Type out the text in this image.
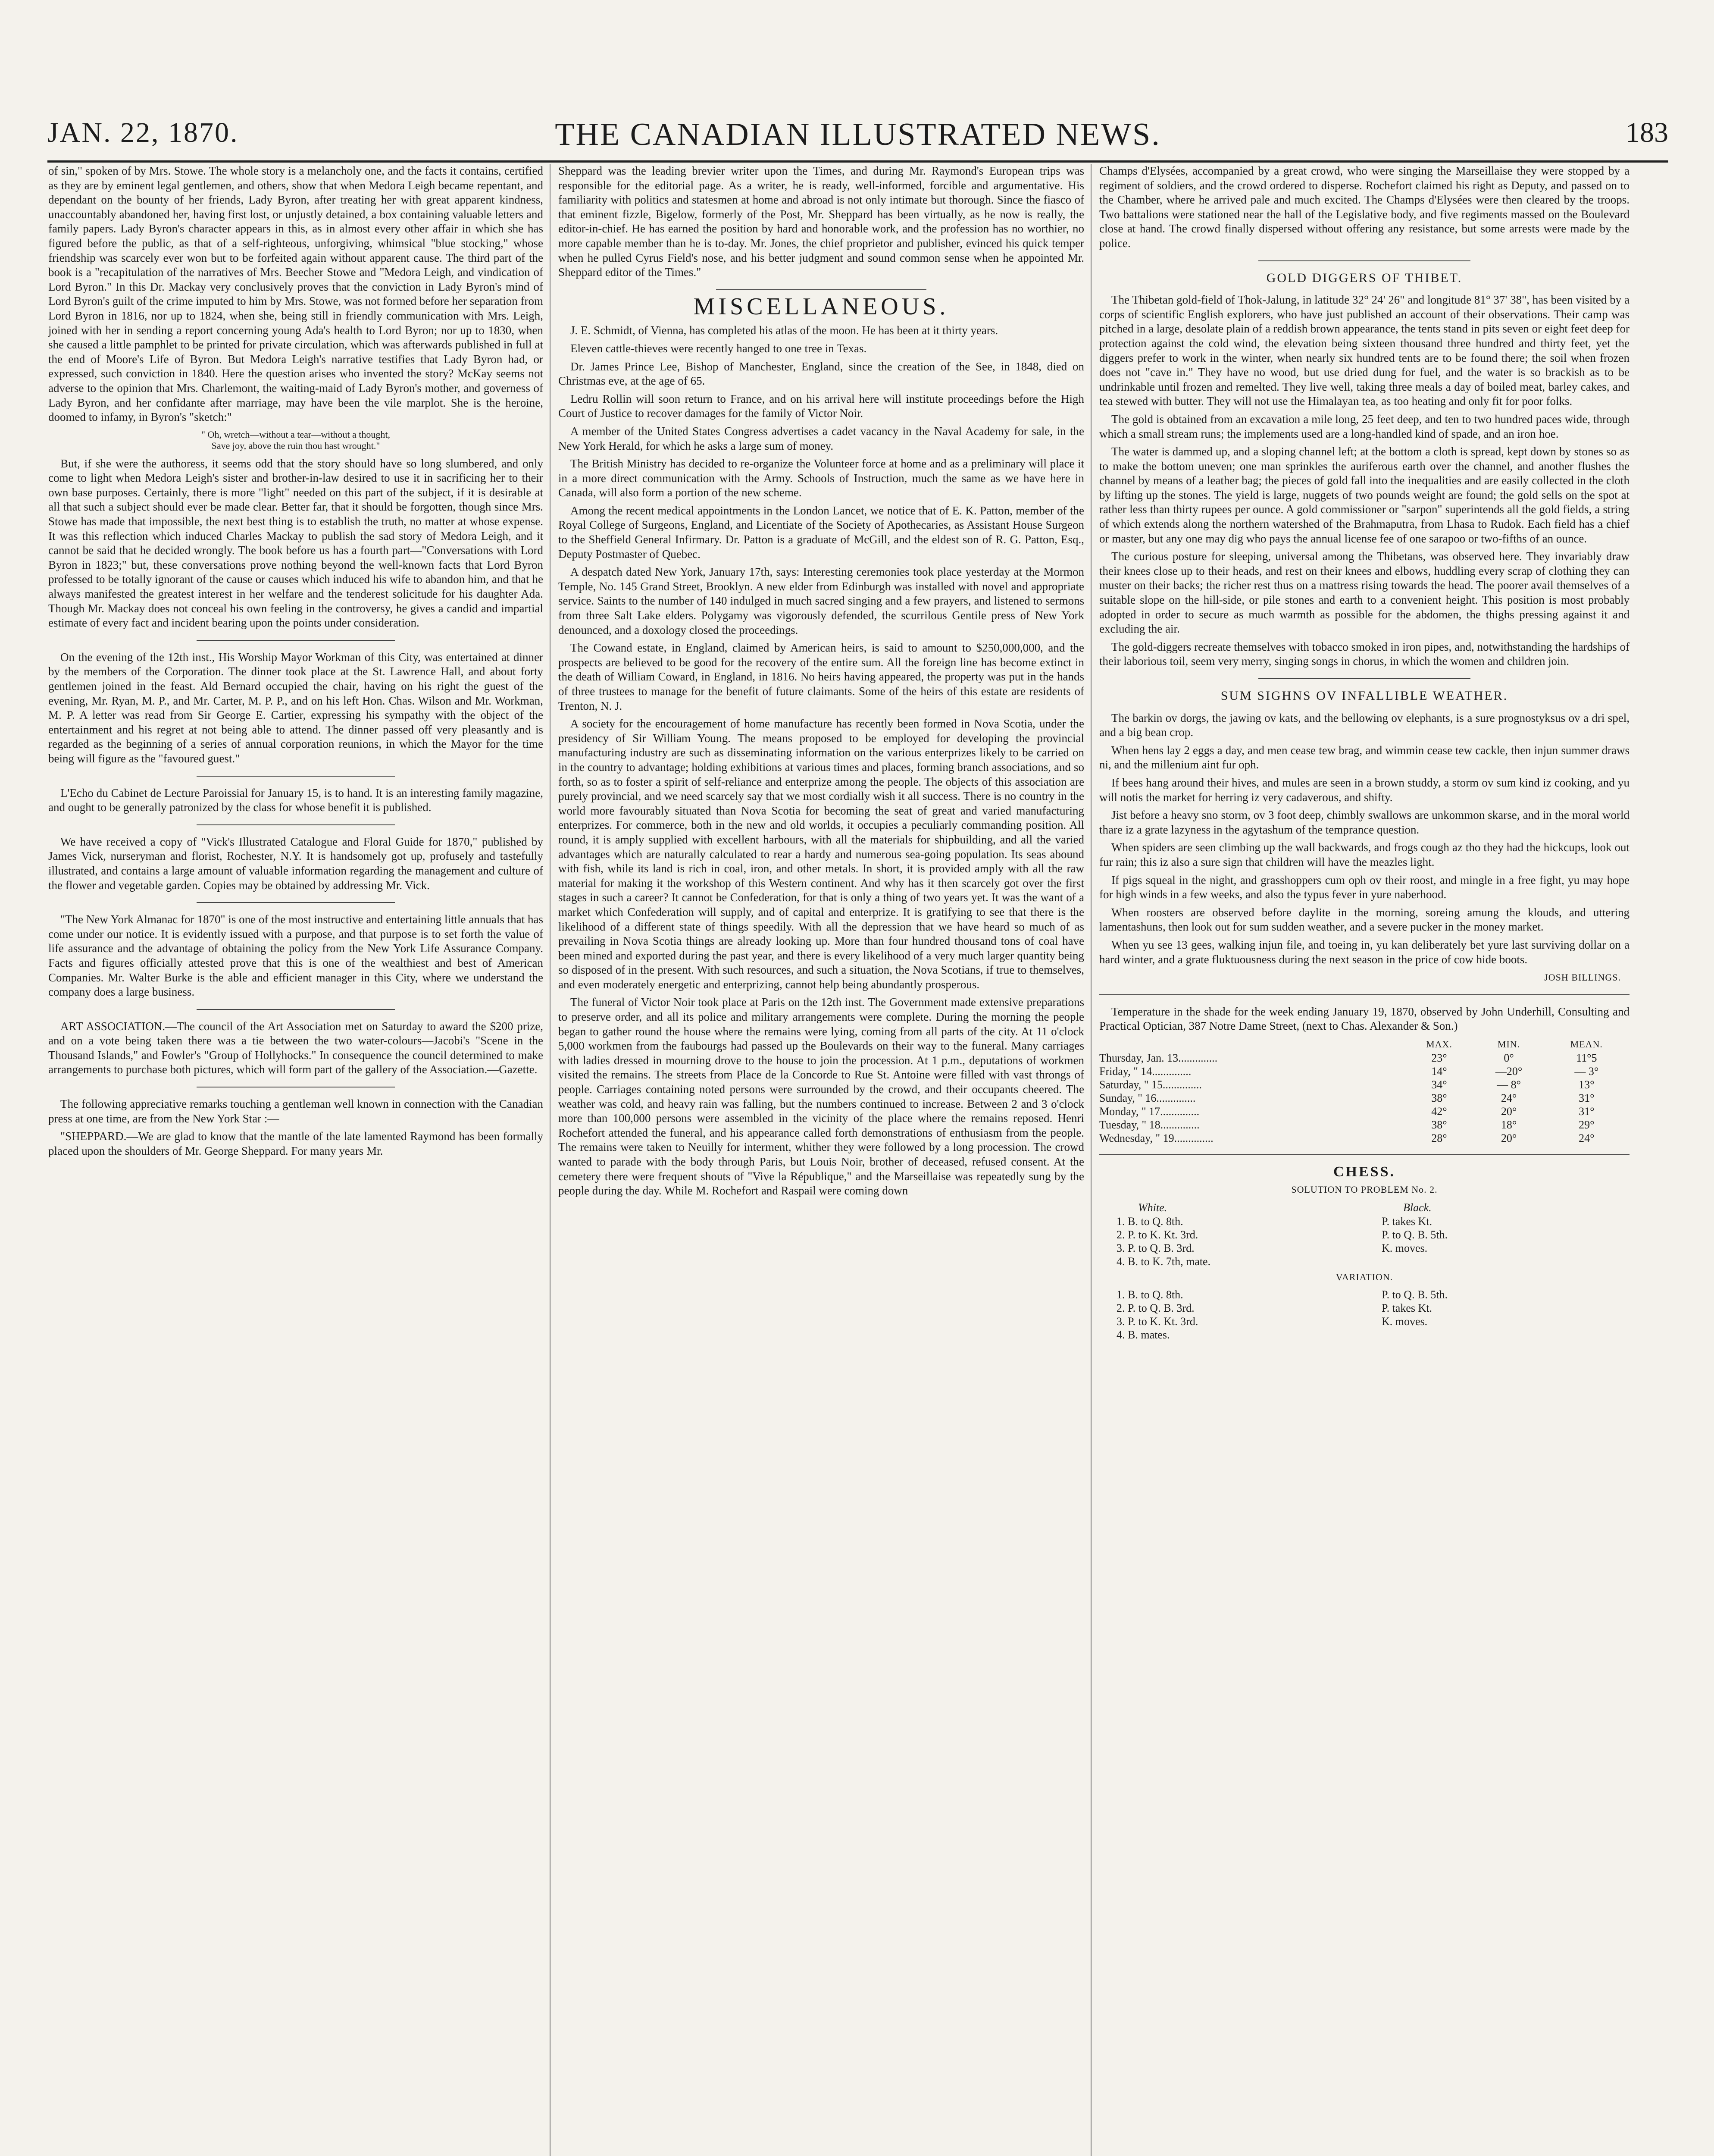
JAN. 22, 1870.	THE CANADIAN ILLUSTRATED NEWS.	183

of sin," spoken of by Mrs. Stowe. The whole story is a melancholy one, and the facts it contains, certified as they are by eminent legal gentlemen, and others, show that when Medora Leigh became repentant, and dependant on the bounty of her friends, Lady Byron, after treating her with great apparent kindness, unaccountably abandoned her, having first lost, or unjustly detained, a box containing valuable letters and family papers. Lady Byron's character appears in this, as in almost every other affair in which she has figured before the public, as that of a self-righteous, unforgiving, whimsical "blue stocking," whose friendship was scarcely ever won but to be forfeited again without apparent cause. The third part of the book is a "recapitulation of the narratives of Mrs. Beecher Stowe and "Medora Leigh, and vindication of Lord Byron." In this Dr. Mackay very conclusively proves that the conviction in Lady Byron's mind of Lord Byron's guilt of the crime imputed to him by Mrs. Stowe, was not formed before her separation from Lord Byron in 1816, nor up to 1824, when she, being still in friendly communication with Mrs. Leigh, joined with her in sending a report concerning young Ada's health to Lord Byron; nor up to 1830, when she caused a little pamphlet to be printed for private circulation, which was afterwards published in full at the end of Moore's Life of Byron. But Medora Leigh's narrative testifies that Lady Byron had, or expressed, such conviction in 1840. Here the question arises who invented the story? McKay seems not adverse to the opinion that Mrs. Charlemont, the waiting-maid of Lady Byron's mother, and governess of Lady Byron, and her confidante after marriage, may have been the vile marplot. She is the heroine, doomed to infamy, in Byron's "sketch:"

" Oh, wretch—without a tear—without a thought,
Save joy, above the ruin thou hast wrought."

But, if she were the authoress, it seems odd that the story should have so long slumbered, and only come to light when Medora Leigh's sister and brother-in-law desired to use it in sacrificing her to their own base purposes. Certainly, there is more "light" needed on this part of the subject, if it is desirable at all that such a subject should ever be made clear. Better far, that it should be forgotten, though since Mrs. Stowe has made that impossible, the next best thing is to establish the truth, no matter at whose expense. It was this reflection which induced Charles Mackay to publish the sad story of Medora Leigh, and it cannot be said that he decided wrongly. The book before us has a fourth part—"Conversations with Lord Byron in 1823;" but, these conversations prove nothing beyond the well-known facts that Lord Byron professed to be totally ignorant of the cause or causes which induced his wife to abandon him, and that he always manifested the greatest interest in her welfare and the tenderest solicitude for his daughter Ada. Though Mr. Mackay does not conceal his own feeling in the controversy, he gives a candid and impartial estimate of every fact and incident bearing upon the points under consideration.

On the evening of the 12th inst., His Worship Mayor Workman of this City, was entertained at dinner by the members of the Corporation. The dinner took place at the St. Lawrence Hall, and about forty gentlemen joined in the feast. Ald Bernard occupied the chair, having on his right the guest of the evening, Mr. Ryan, M. P., and Mr. Carter, M. P. P., and on his left Hon. Chas. Wilson and Mr. Workman, M. P. A letter was read from Sir George E. Cartier, expressing his sympathy with the object of the entertainment and his regret at not being able to attend. The dinner passed off very pleasantly and is regarded as the beginning of a series of annual corporation reunions, in which the Mayor for the time being will figure as the "favoured guest."

L'Echo du Cabinet de Lecture Paroissial for January 15, is to hand. It is an interesting family magazine, and ought to be generally patronized by the class for whose benefit it is published.

We have received a copy of "Vick's Illustrated Catalogue and Floral Guide for 1870," published by James Vick, nurseryman and florist, Rochester, N.Y. It is handsomely got up, profusely and tastefully illustrated, and contains a large amount of valuable information regarding the management and culture of the flower and vegetable garden. Copies may be obtained by addressing Mr. Vick.

"The New York Almanac for 1870" is one of the most instructive and entertaining little annuals that has come under our notice. It is evidently issued with a purpose, and that purpose is to set forth the value of life assurance and the advantage of obtaining the policy from the New York Life Assurance Company. Facts and figures officially attested prove that this is one of the wealthiest and best of American Companies. Mr. Walter Burke is the able and efficient manager in this City, where we understand the company does a large business.

ART ASSOCIATION.—The council of the Art Association met on Saturday to award the $200 prize, and on a vote being taken there was a tie between the two water-colours—Jacobi's "Scene in the Thousand Islands," and Fowler's "Group of Hollyhocks." In consequence the council determined to make arrangements to purchase both pictures, which will form part of the gallery of the Association.—Gazette.

The following appreciative remarks touching a gentleman well known in connection with the Canadian press at one time, are from the New York Star :—

"SHEPPARD.—We are glad to know that the mantle of the late lamented Raymond has been formally placed upon the shoulders of Mr. George Sheppard. For many years Mr.

Sheppard was the leading brevier writer upon the Times, and during Mr. Raymond's European trips was responsible for the editorial page. As a writer, he is ready, well-informed, forcible and argumentative. His familiarity with politics and statesmen at home and abroad is not only intimate but thorough. Since the fiasco of that eminent fizzle, Bigelow, formerly of the Post, Mr. Sheppard has been virtually, as he now is really, the editor-in-chief. He has earned the position by hard and honorable work, and the profession has no worthier, no more capable member than he is to-day. Mr. Jones, the chief proprietor and publisher, evinced his quick temper when he pulled Cyrus Field's nose, and his better judgment and sound common sense when he appointed Mr. Sheppard editor of the Times."

MISCELLANEOUS.

J. E. Schmidt, of Vienna, has completed his atlas of the moon. He has been at it thirty years.

Eleven cattle-thieves were recently hanged to one tree in Texas.

Dr. James Prince Lee, Bishop of Manchester, England, since the creation of the See, in 1848, died on Christmas eve, at the age of 65.

Ledru Rollin will soon return to France, and on his arrival here will institute proceedings before the High Court of Justice to recover damages for the family of Victor Noir.

A member of the United States Congress advertises a cadet vacancy in the Naval Academy for sale, in the New York Herald, for which he asks a large sum of money.

The British Ministry has decided to re-organize the Volunteer force at home and as a preliminary will place it in a more direct communication with the Army. Schools of Instruction, much the same as we have here in Canada, will also form a portion of the new scheme.

Among the recent medical appointments in the London Lancet, we notice that of E. K. Patton, member of the Royal College of Surgeons, England, and Licentiate of the Society of Apothecaries, as Assistant House Surgeon to the Sheffield General Infirmary. Dr. Patton is a graduate of McGill, and the eldest son of R. G. Patton, Esq., Deputy Postmaster of Quebec.

A despatch dated New York, January 17th, says: Interesting ceremonies took place yesterday at the Mormon Temple, No. 145 Grand Street, Brooklyn. A new elder from Edinburgh was installed with novel and appropriate service. Saints to the number of 140 indulged in much sacred singing and a few prayers, and listened to sermons from three Salt Lake elders. Polygamy was vigorously defended, the scurrilous Gentile press of New York denounced, and a doxology closed the proceedings.

The Cowand estate, in England, claimed by American heirs, is said to amount to $250,000,000, and the prospects are believed to be good for the recovery of the entire sum. All the foreign line has become extinct in the death of William Coward, in England, in 1816. No heirs having appeared, the property was put in the hands of three trustees to manage for the benefit of future claimants. Some of the heirs of this estate are residents of Trenton, N. J.

A society for the encouragement of home manufacture has recently been formed in Nova Scotia, under the presidency of Sir William Young. The means proposed to be employed for developing the provincial manufacturing industry are such as disseminating information on the various enterprizes likely to be carried on in the country to advantage; holding exhibitions at various times and places, forming branch associations, and so forth, so as to foster a spirit of self-reliance and enterprize among the people. The objects of this association are purely provincial, and we need scarcely say that we most cordially wish it all success. There is no country in the world more favourably situated than Nova Scotia for becoming the seat of great and varied manufacturing enterprizes. For commerce, both in the new and old worlds, it occupies a peculiarly commanding position. All round, it is amply supplied with excellent harbours, with all the materials for shipbuilding, and all the varied advantages which are naturally calculated to rear a hardy and numerous sea-going population. Its seas abound with fish, while its land is rich in coal, iron, and other metals. In short, it is provided amply with all the raw material for making it the workshop of this Western continent. And why has it then scarcely got over the first stages in such a career? It cannot be Confederation, for that is only a thing of two years yet. It was the want of a market which Confederation will supply, and of capital and enterprize. It is gratifying to see that there is the likelihood of a different state of things speedily. With all the depression that we have heard so much of as prevailing in Nova Scotia things are already looking up. More than four hundred thousand tons of coal have been mined and exported during the past year, and there is every likelihood of a very much larger quantity being so disposed of in the present. With such resources, and such a situation, the Nova Scotians, if true to themselves, and even moderately energetic and enterprizing, cannot help being abundantly prosperous.

The funeral of Victor Noir took place at Paris on the 12th inst. The Government made extensive preparations to preserve order, and all its police and military arrangements were complete. During the morning the people began to gather round the house where the remains were lying, coming from all parts of the city. At 11 o'clock 5,000 workmen from the faubourgs had passed up the Boulevards on their way to the funeral. Many carriages with ladies dressed in mourning drove to the house to join the procession. At 1 p.m., deputations of workmen visited the remains. The streets from Place de la Concorde to Rue St. Antoine were filled with vast throngs of people. Carriages containing noted persons were surrounded by the crowd, and their occupants cheered. The weather was cold, and heavy rain was falling, but the numbers continued to increase. Between 2 and 3 o'clock more than 100,000 persons were assembled in the vicinity of the place where the remains reposed. Henri Rochefort attended the funeral, and his appearance called forth demonstrations of enthusiasm from the people. The remains were taken to Neuilly for interment, whither they were followed by a long procession. The crowd wanted to parade with the body through Paris, but Louis Noir, brother of deceased, refused consent. At the cemetery there were frequent shouts of "Vive la République," and the Marseillaise was repeatedly sung by the people during the day. While M. Rochefort and Raspail were coming down

Champs d'Elysées, accompanied by a great crowd, who were singing the Marseillaise they were stopped by a regiment of soldiers, and the crowd ordered to disperse. Rochefort claimed his right as Deputy, and passed on to the Chamber, where he arrived pale and much excited. The Champs d'Elysées were then cleared by the troops. Two battalions were stationed near the hall of the Legislative body, and five regiments massed on the Boulevard close at hand. The crowd finally dispersed without offering any resistance, but some arrests were made by the police.

GOLD DIGGERS OF THIBET.

The Thibetan gold-field of Thok-Jalung, in latitude 32° 24' 26" and longitude 81° 37' 38", has been visited by a corps of scientific English explorers, who have just published an account of their observations. Their camp was pitched in a large, desolate plain of a reddish brown appearance, the tents stand in pits seven or eight feet deep for protection against the cold wind, the elevation being sixteen thousand three hundred and thirty feet, yet the diggers prefer to work in the winter, when nearly six hundred tents are to be found there; the soil when frozen does not "cave in." They have no wood, but use dried dung for fuel, and the water is so brackish as to be undrinkable until frozen and remelted. They live well, taking three meals a day of boiled meat, barley cakes, and tea stewed with butter. They will not use the Himalayan tea, as too heating and only fit for poor folks.

The gold is obtained from an excavation a mile long, 25 feet deep, and ten to two hundred paces wide, through which a small stream runs; the implements used are a long-handled kind of spade, and an iron hoe.

The water is dammed up, and a sloping channel left; at the bottom a cloth is spread, kept down by stones so as to make the bottom uneven; one man sprinkles the auriferous earth over the channel, and another flushes the channel by means of a leather bag; the pieces of gold fall into the inequalities and are easily collected in the cloth by lifting up the stones. The yield is large, nuggets of two pounds weight are found; the gold sells on the spot at rather less than thirty rupees per ounce. A gold commissioner or "sarpon" superintends all the gold fields, a string of which extends along the northern watershed of the Brahmaputra, from Lhasa to Rudok. Each field has a chief or master, but any one may dig who pays the annual license fee of one sarapoo or two-fifths of an ounce.

The curious posture for sleeping, universal among the Thibetans, was observed here. They invariably draw their knees close up to their heads, and rest on their knees and elbows, huddling every scrap of clothing they can muster on their backs; the richer rest thus on a mattress rising towards the head. The poorer avail themselves of a suitable slope on the hill-side, or pile stones and earth to a convenient height. This position is most probably adopted in order to secure as much warmth as possible for the abdomen, the thighs pressing against it and excluding the air.

The gold-diggers recreate themselves with tobacco smoked in iron pipes, and, notwithstanding the hardships of their laborious toil, seem very merry, singing songs in chorus, in which the women and children join.

SUM SIGHNS OV INFALLIBLE WEATHER.

The barkin ov dorgs, the jawing ov kats, and the bellowing ov elephants, is a sure prognostyksus ov a dri spel, and a big bean crop.

When hens lay 2 eggs a day, and men cease tew brag, and wimmin cease tew cackle, then injun summer draws ni, and the millenium aint fur oph.

If bees hang around their hives, and mules are seen in a brown studdy, a storm ov sum kind iz cooking, and yu will notis the market for herring iz very cadaverous, and shifty.

Jist before a heavy sno storm, ov 3 foot deep, chimbly swallows are unkommon skarse, and in the moral world thare iz a grate lazyness in the agytashum of the temprance question.

When spiders are seen climbing up the wall backwards, and frogs cough az tho they had the hickcups, look out fur rain; this iz also a sure sign that children will have the meazles light.

If pigs squeal in the night, and grasshoppers cum oph ov their roost, and mingle in a free fight, yu may hope for high winds in a few weeks, and also the typus fever in yure naberhood.

When roosters are observed before daylite in the morning, soreing amung the klouds, and uttering lamentashuns, then look out for sum sudden weather, and a severe pucker in the money market.

When yu see 13 gees, walking injun file, and toeing in, yu kan deliberately bet yure last surviving dollar on a hard winter, and a grate fluktuousness during the next season in the price of cow hide boots.

JOSH BILLINGS.

Temperature in the shade for the week ending January 19, 1870, observed by John Underhill, Consulting and Practical Optician, 387 Notre Dame Street, (next to Chas. Alexander & Son.)

	MAX.	MIN.	MEAN.
Thursday, Jan. 13..............	23°	0°	11°5
Friday, " 14..............	14°	—20°	— 3°
Saturday, " 15..............	34°	— 8°	13°
Sunday, " 16..............	38°	24°	31°
Monday, " 17..............	42°	20°	31°
Tuesday, " 18..............	38°	18°	29°
Wednesday, " 19..............	28°	20°	24°
CHESS.
SOLUTION TO PROBLEM No. 2.
White.	Black.
1. B. to Q. 8th.	P. takes Kt.
2. P. to K. Kt. 3rd.	P. to Q. B. 5th.
3. P. to Q. B. 3rd.	K. moves.
4. B. to K. 7th, mate.	
VARIATION.
1. B. to Q. 8th.	P. to Q. B. 5th.
2. P. to Q. B. 3rd.	P. takes Kt.
3. P. to K. Kt. 3rd.	K. moves.
4. B. mates.	
